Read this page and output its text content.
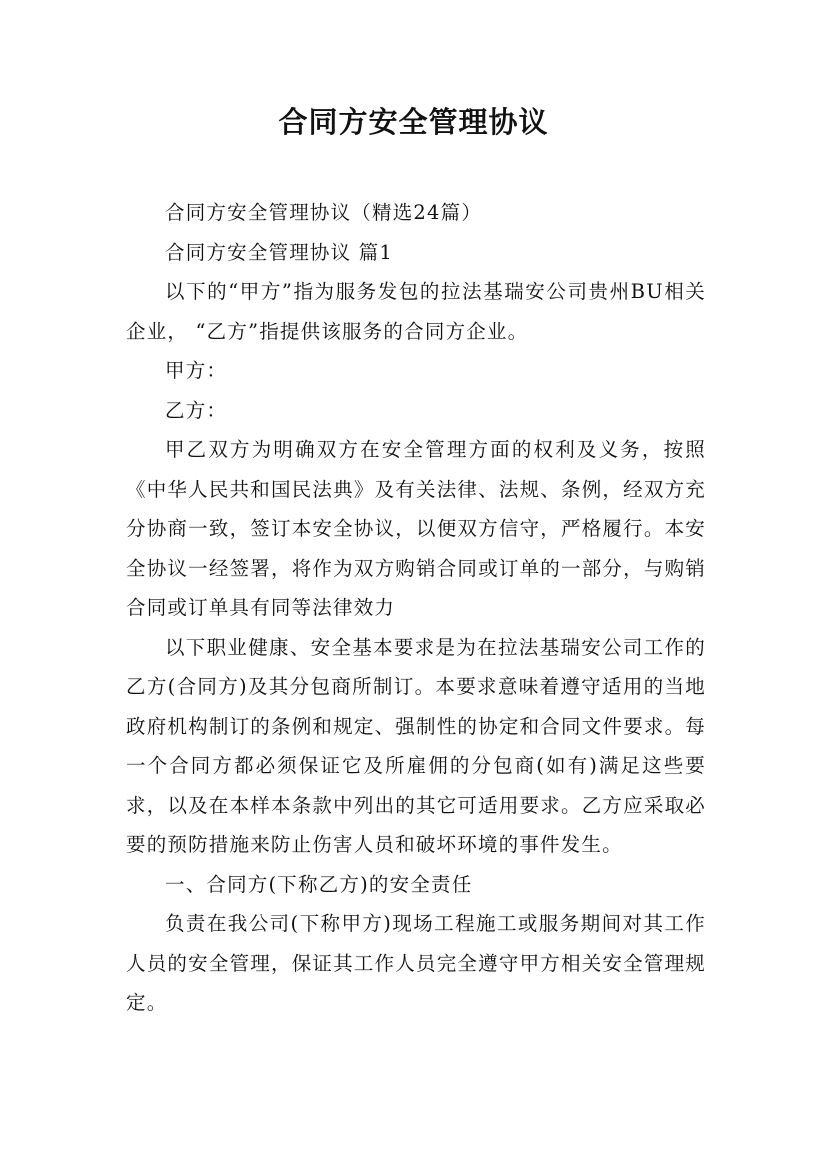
合同方安全管理协议

合同方安全管理协议（精选24篇）

合同方安全管理协议 篇1

以下的“甲方”指为服务发包的拉法基瑞安公司贵州BU相关企业， “乙方”指提供该服务的合同方企业。

甲方：

乙方：

甲乙双方为明确双方在安全管理方面的权利及义务，按照《中华人民共和国民法典》及有关法律、法规、条例，经双方充分协商一致，签订本安全协议，以便双方信守，严格履行。本安全协议一经签署，将作为双方购销合同或订单的一部分，与购销合同或订单具有同等法律效力

以下职业健康、安全基本要求是为在拉法基瑞安公司工作的乙方(合同方)及其分包商所制订。本要求意味着遵守适用的当地政府机构制订的条例和规定、强制性的协定和合同文件要求。每一个合同方都必须保证它及所雇佣的分包商(如有)满足这些要求，以及在本样本条款中列出的其它可适用要求。乙方应采取必要的预防措施来防止伤害人员和破坏环境的事件发生。

一、合同方(下称乙方)的安全责任

负责在我公司(下称甲方)现场工程施工或服务期间对其工作人员的安全管理，保证其工作人员完全遵守甲方相关安全管理规定。
